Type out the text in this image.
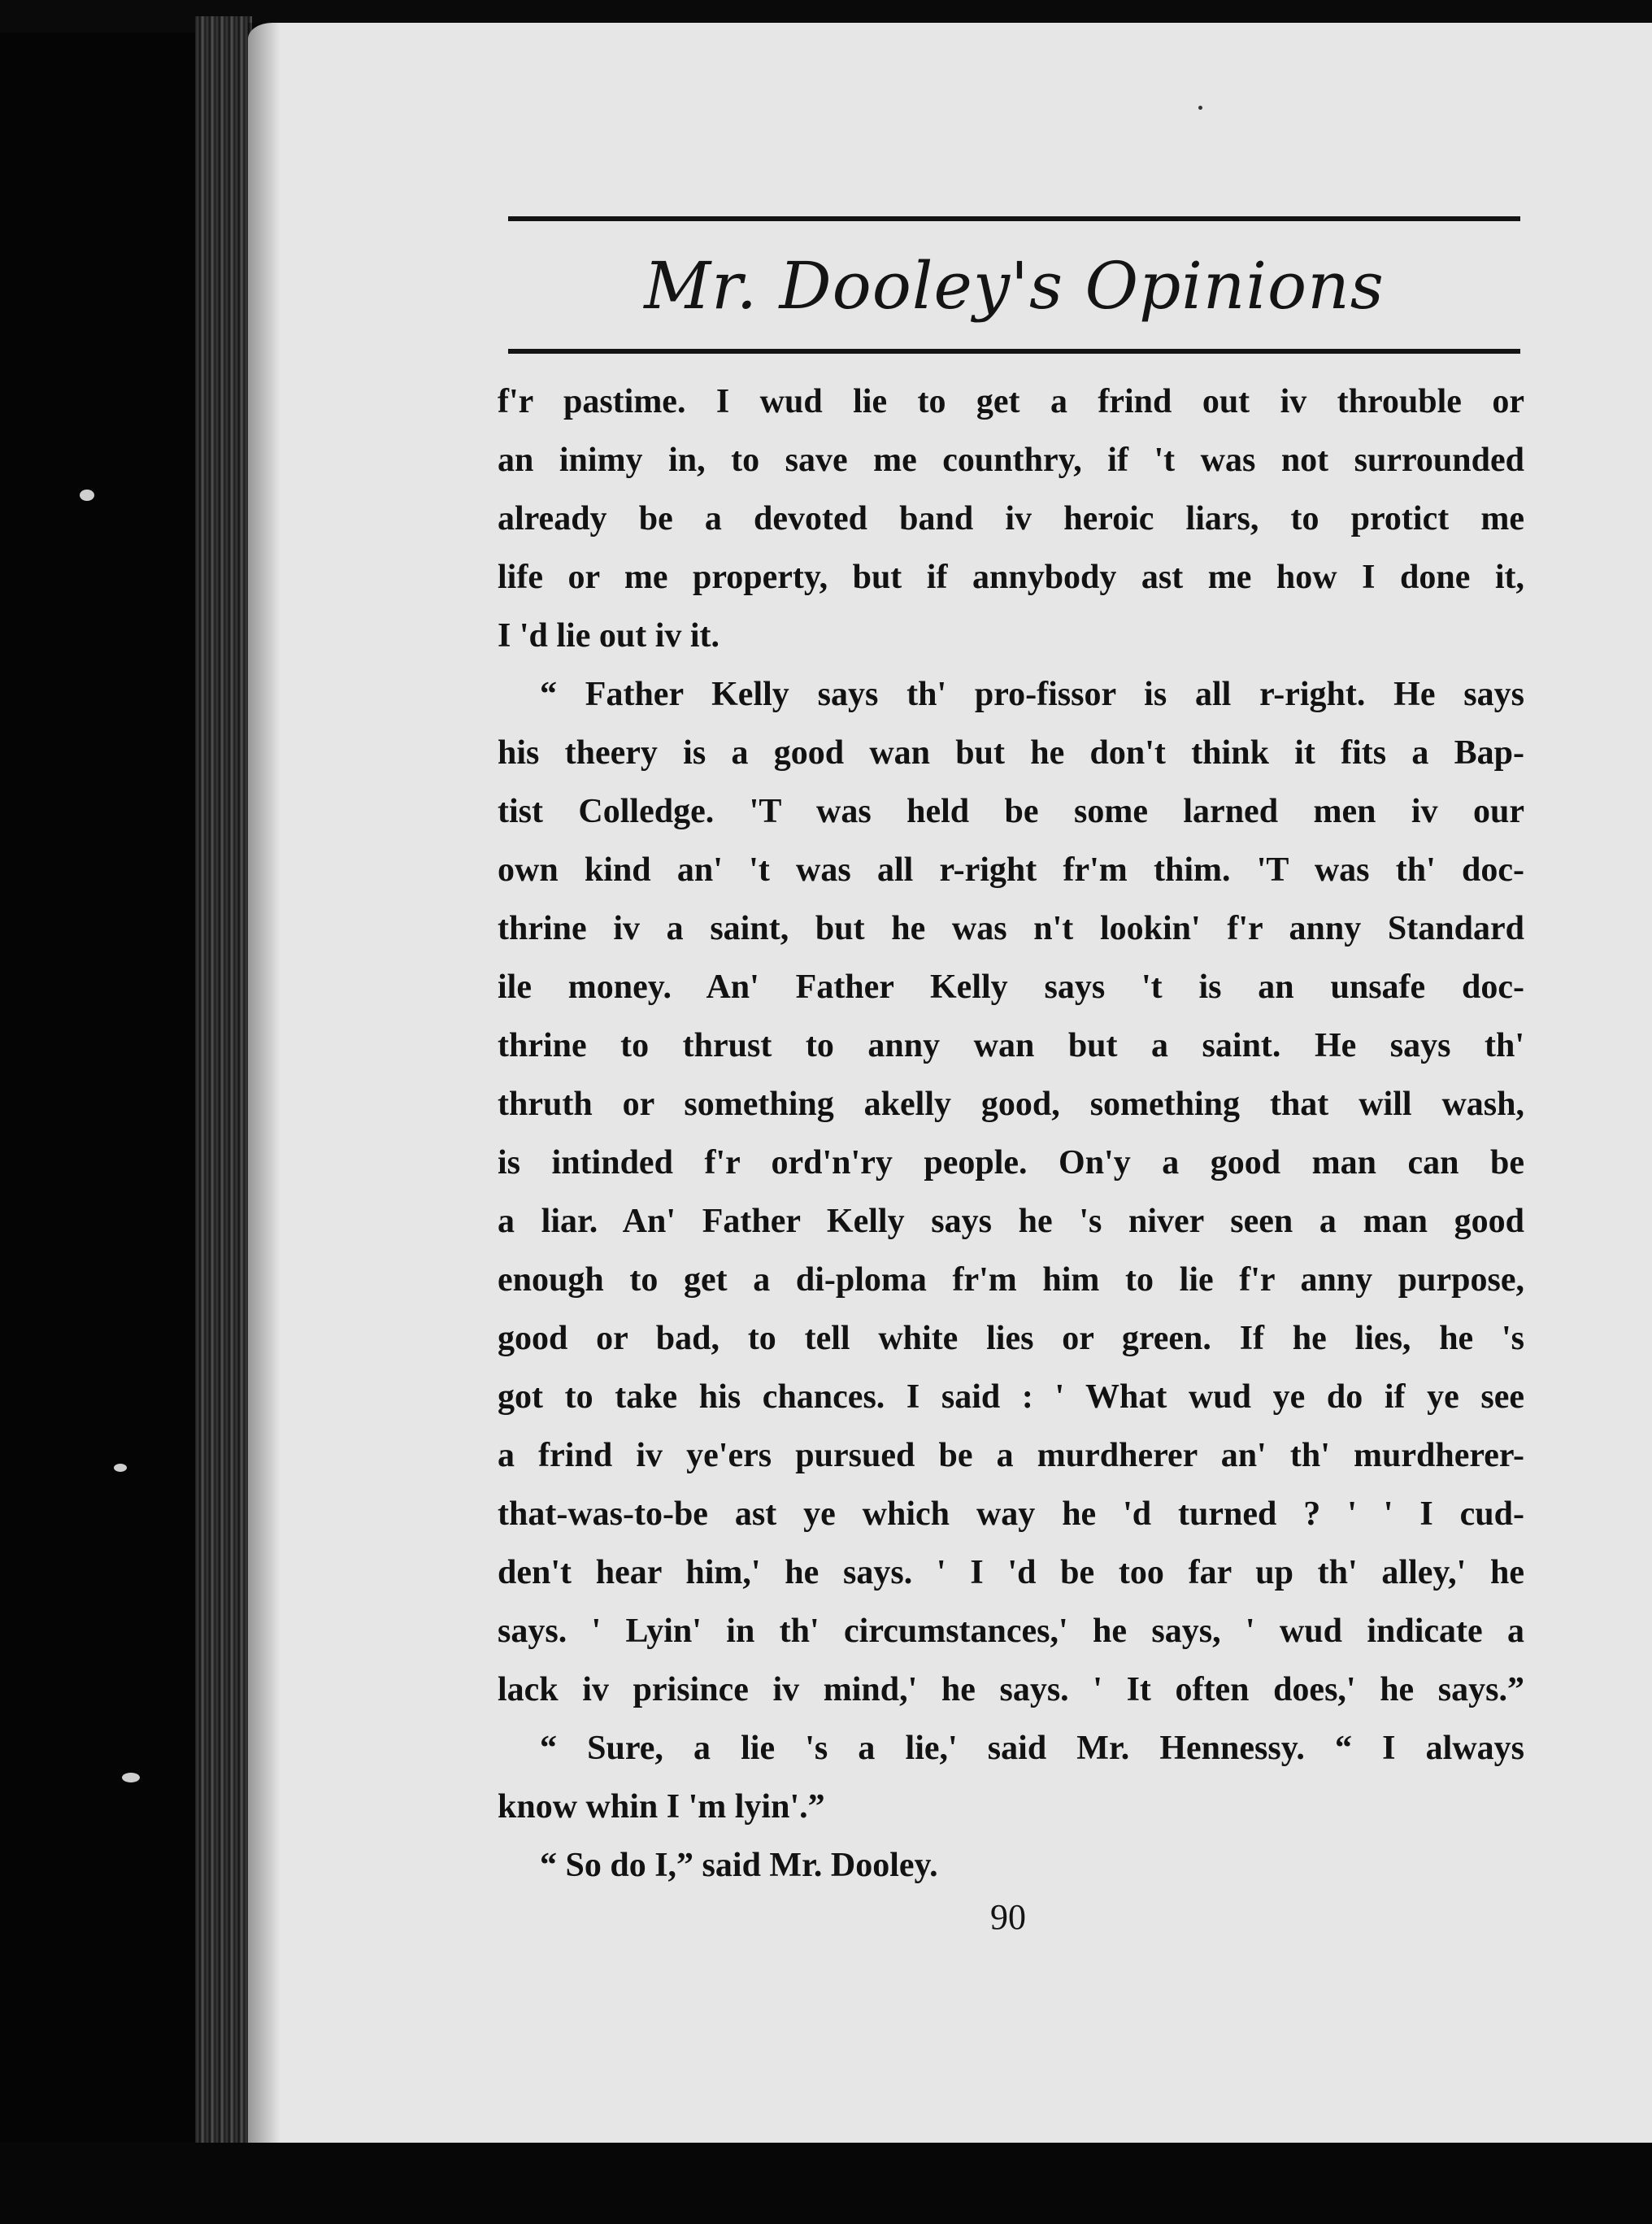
Mr. Dooley's Opinions
f'r pastime. I wud lie to get a frind out iv throuble or
an inimy in, to save me counthry, if 't was not surrounded
already be a devoted band iv heroic liars, to protict me
life or me property, but if annybody ast me how I done it,
I 'd lie out iv it.
“ Father Kelly says th' pro-fissor is all r-right. He says
his theery is a good wan but he don't think it fits a Bap-
tist Colledge. 'T was held be some larned men iv our
own kind an' 't was all r-right fr'm thim. 'T was th' doc-
thrine iv a saint, but he was n't lookin' f'r anny Standard
ile money. An' Father Kelly says 't is an unsafe doc-
thrine to thrust to anny wan but a saint. He says th'
thruth or something akelly good, something that will wash,
is intinded f'r ord'n'ry people. On'y a good man can be
a liar. An' Father Kelly says he 's niver seen a man good
enough to get a di-ploma fr'm him to lie f'r anny purpose,
good or bad, to tell white lies or green. If he lies, he 's
got to take his chances. I said : ' What wud ye do if ye see
a frind iv ye'ers pursued be a murdherer an' th' murdherer-
that-was-to-be ast ye which way he 'd turned ? ' ' I cud-
den't hear him,' he says. ' I 'd be too far up th' alley,' he
says. ' Lyin' in th' circumstances,' he says, ' wud indicate a
lack iv prisince iv mind,' he says. ' It often does,' he says.”
“ Sure, a lie 's a lie,' said Mr. Hennessy. “ I always
know whin I 'm lyin'.”
“ So do I,” said Mr. Dooley.
90
